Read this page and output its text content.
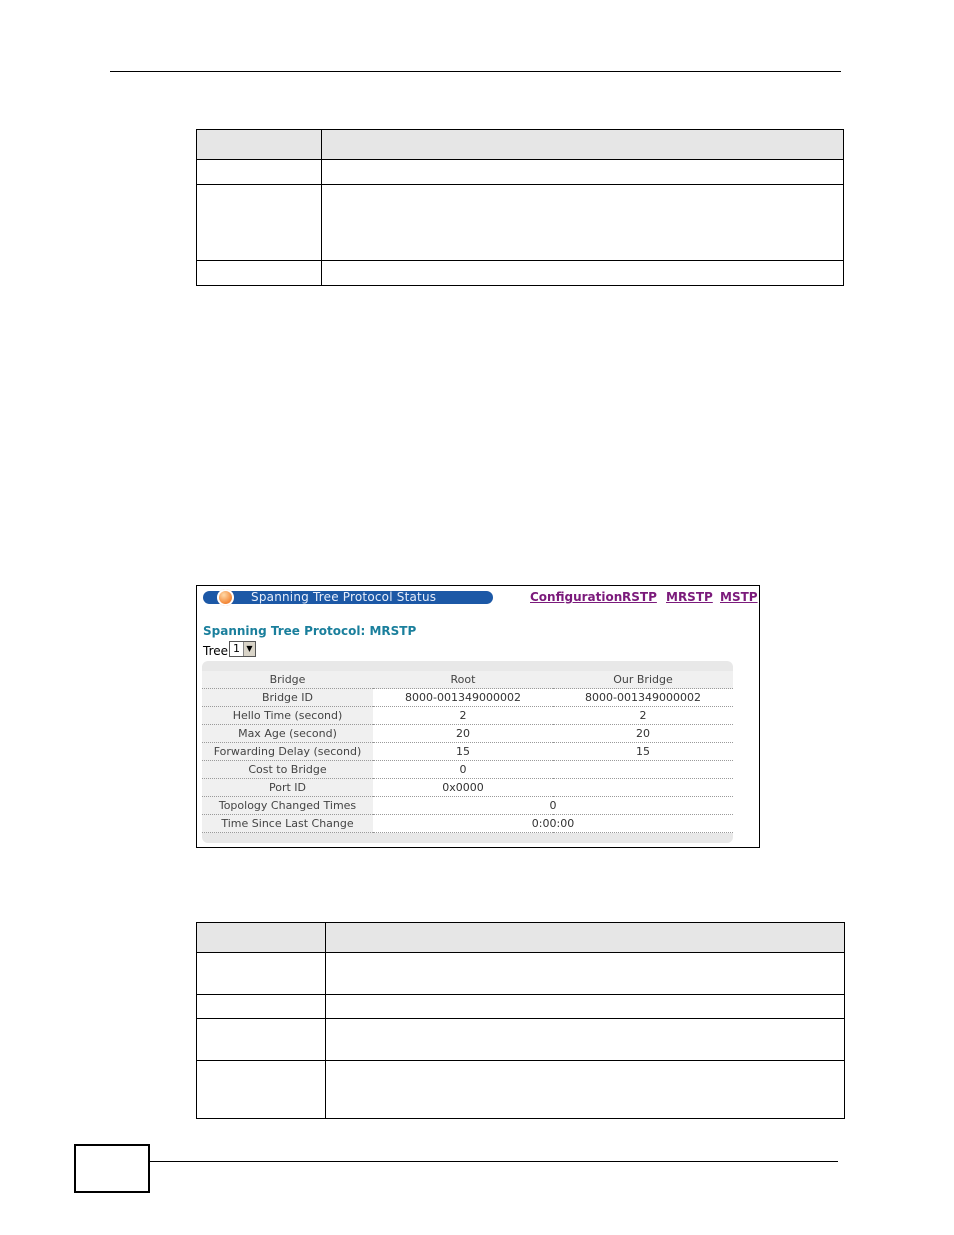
Spanning Tree Protocol Status	Configuration RSTP MRSTP MSTP
Spanning Tree Protocol: MRSTP
Tree 1 ▼
Bridge	Root	Our Bridge
Bridge ID	8000-001349000002	8000-001349000002
Hello Time (second)	2	2
Max Age (second)	20	20
Forwarding Delay (second)	15	15
Cost to Bridge	0	
Port ID	0x0000	
Topology Changed Times	0	
Time Since Last Change	0:00:00	
